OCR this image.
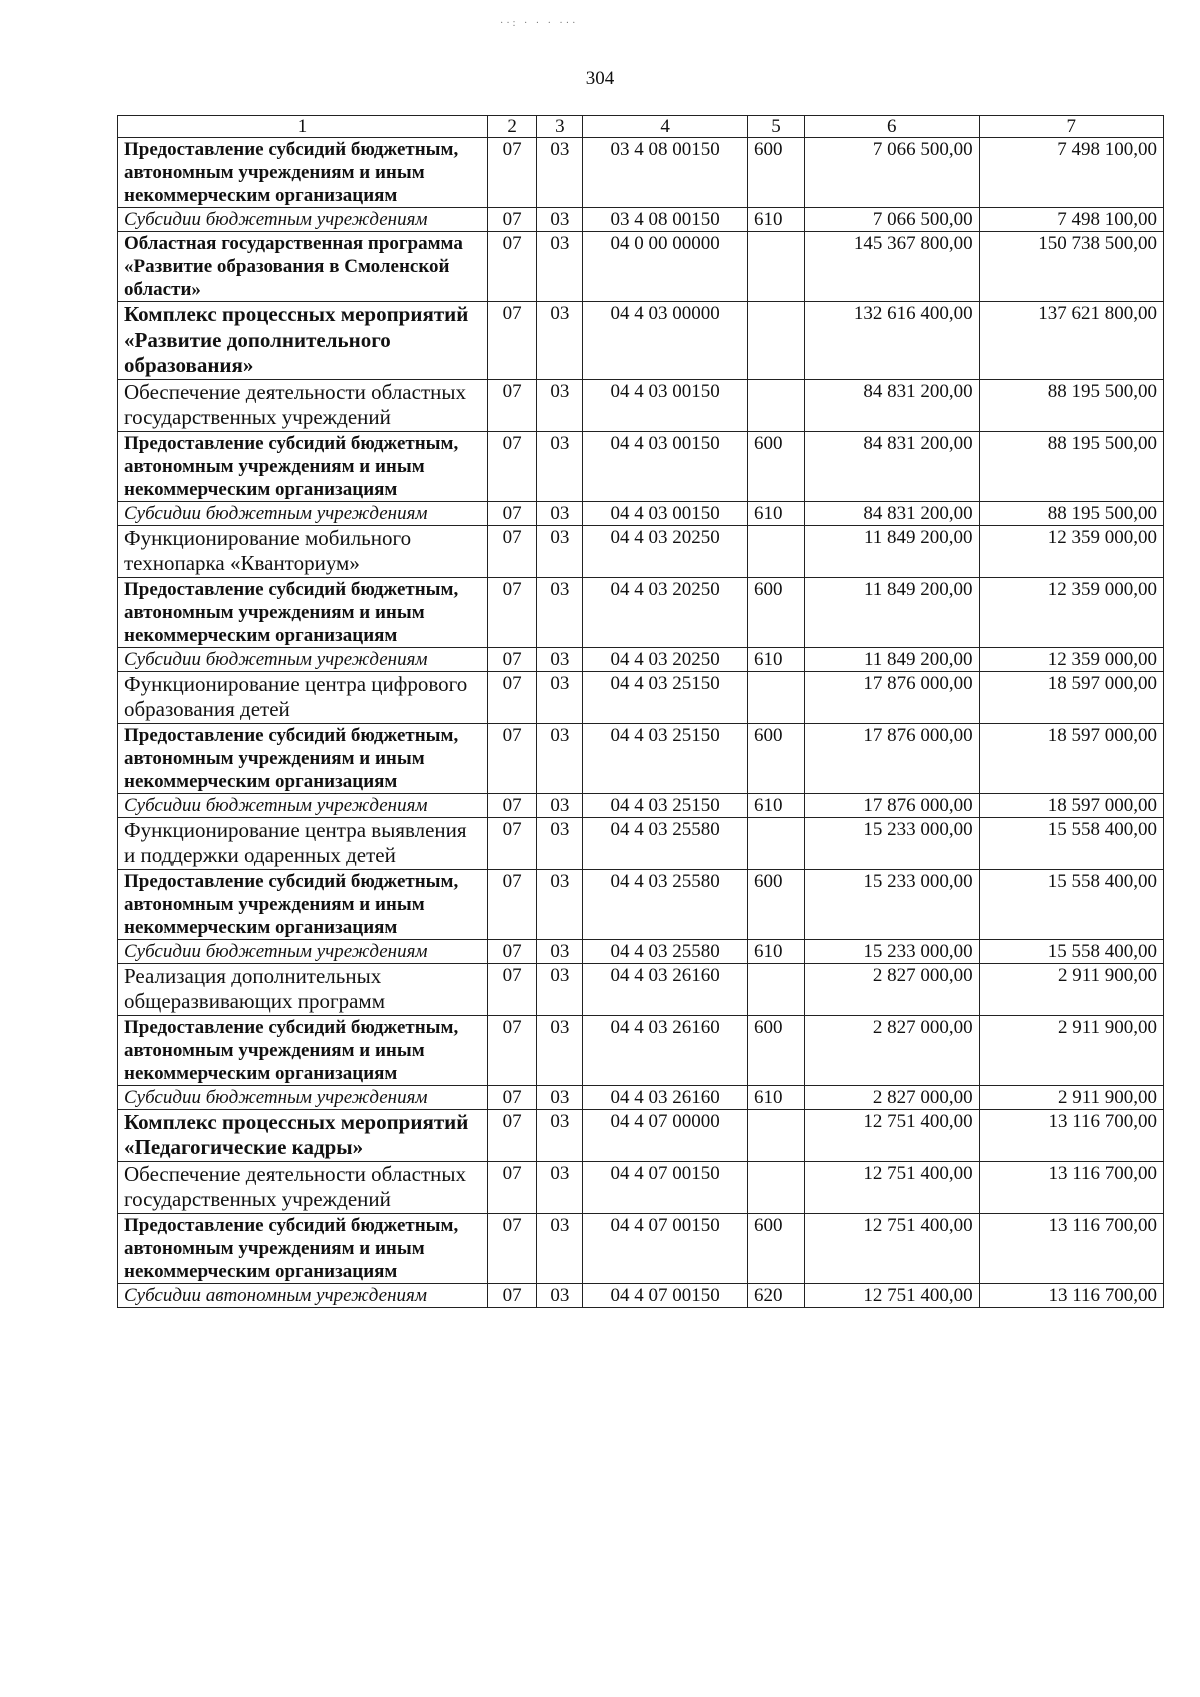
··: · · · ···
304
1	2	3	4	5	6	7
Предоставление субсидий бюджетным, автономным учреждениям и иным некоммерческим организациям	07	03	03 4 08 00150	600	7 066 500,00	7 498 100,00
Субсидии бюджетным учреждениям	07	03	03 4 08 00150	610	7 066 500,00	7 498 100,00
Областная государственная программа «Развитие образования в Смоленской области»	07	03	04 0 00 00000		145 367 800,00	150 738 500,00
Комплекс процессных мероприятий «Развитие дополнительного образования»	07	03	04 4 03 00000		132 616 400,00	137 621 800,00
Обеспечение деятельности областных государственных учреждений	07	03	04 4 03 00150		84 831 200,00	88 195 500,00
Предоставление субсидий бюджетным, автономным учреждениям и иным некоммерческим организациям	07	03	04 4 03 00150	600	84 831 200,00	88 195 500,00
Субсидии бюджетным учреждениям	07	03	04 4 03 00150	610	84 831 200,00	88 195 500,00
Функционирование мобильного технопарка «Кванториум»	07	03	04 4 03 20250		11 849 200,00	12 359 000,00
Предоставление субсидий бюджетным, автономным учреждениям и иным некоммерческим организациям	07	03	04 4 03 20250	600	11 849 200,00	12 359 000,00
Субсидии бюджетным учреждениям	07	03	04 4 03 20250	610	11 849 200,00	12 359 000,00
Функционирование центра цифрового образования детей	07	03	04 4 03 25150		17 876 000,00	18 597 000,00
Предоставление субсидий бюджетным, автономным учреждениям и иным некоммерческим организациям	07	03	04 4 03 25150	600	17 876 000,00	18 597 000,00
Субсидии бюджетным учреждениям	07	03	04 4 03 25150	610	17 876 000,00	18 597 000,00
Функционирование центра выявления и поддержки одаренных детей	07	03	04 4 03 25580		15 233 000,00	15 558 400,00
Предоставление субсидий бюджетным, автономным учреждениям и иным некоммерческим организациям	07	03	04 4 03 25580	600	15 233 000,00	15 558 400,00
Субсидии бюджетным учреждениям	07	03	04 4 03 25580	610	15 233 000,00	15 558 400,00
Реализация дополнительных общеразвивающих программ	07	03	04 4 03 26160		2 827 000,00	2 911 900,00
Предоставление субсидий бюджетным, автономным учреждениям и иным некоммерческим организациям	07	03	04 4 03 26160	600	2 827 000,00	2 911 900,00
Субсидии бюджетным учреждениям	07	03	04 4 03 26160	610	2 827 000,00	2 911 900,00
Комплекс процессных мероприятий «Педагогические кадры»	07	03	04 4 07 00000		12 751 400,00	13 116 700,00
Обеспечение деятельности областных государственных учреждений	07	03	04 4 07 00150		12 751 400,00	13 116 700,00
Предоставление субсидий бюджетным, автономным учреждениям и иным некоммерческим организациям	07	03	04 4 07 00150	600	12 751 400,00	13 116 700,00
Субсидии автономным учреждениям	07	03	04 4 07 00150	620	12 751 400,00	13 116 700,00
